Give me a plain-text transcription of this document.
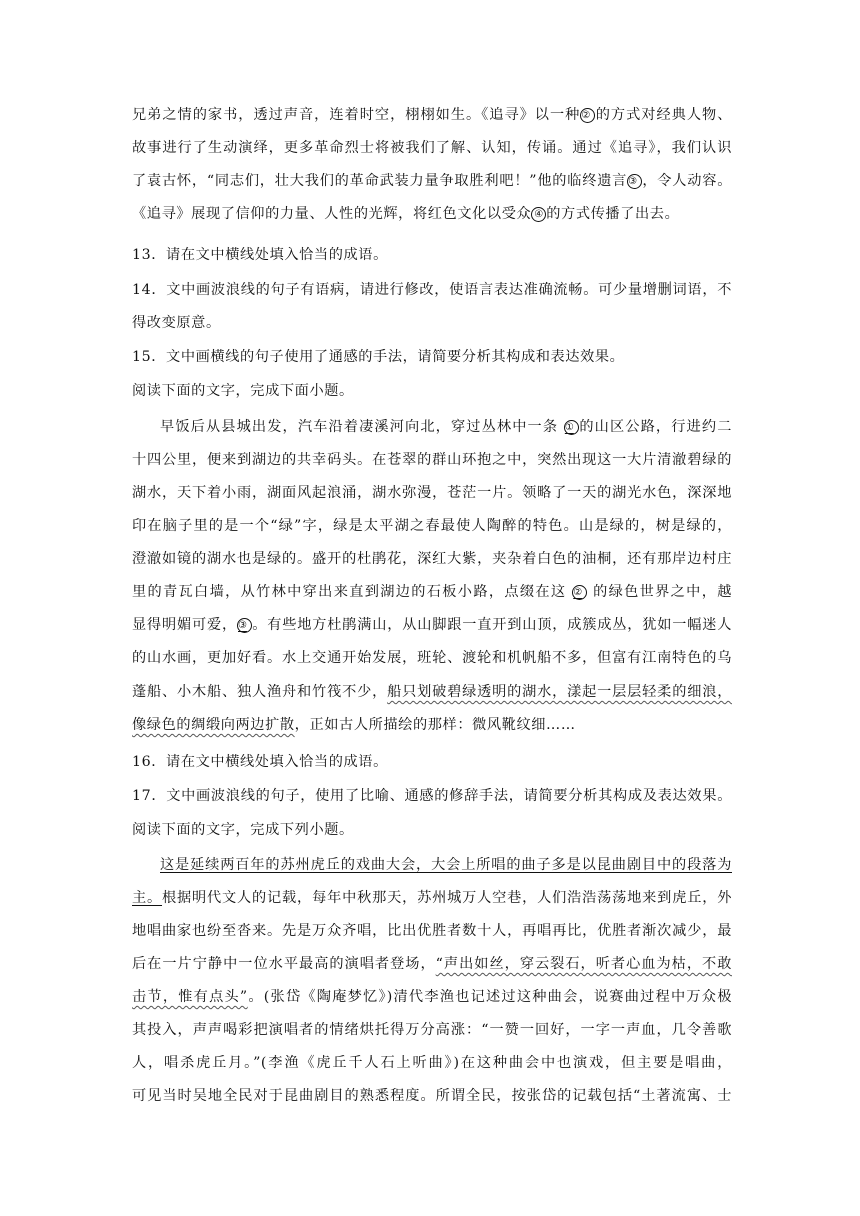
兄弟之情的家书，透过声音，连着时空，栩栩如生。《追寻》以一种② 的方式对经典人物、
故事进行了生动演绎，更多革命烈士将被我们了解、认知，传诵。通过《追寻》，我们认识
了袁古怀，“同志们，壮大我们的革命武装力量争取胜利吧！”他的临终遗言③ ，令人动容。
《追寻》展现了信仰的力量、人性的光辉，将红色文化以受众 ④ 的方式传播了出去。
13．请在文中横线处填入恰当的成语。
14．文中画波浪线的句子有语病，请进行修改，使语言表达准确流畅。可少量增删词语，不
得改变原意。
15．文中画横线的句子使用了通感的手法，请简要分析其构成和表达效果。
阅读下面的文字，完成下面小题。
早饭后从县城出发，汽车沿着凄溪河向北，穿过丛林中一条 ① 的山区公路，行进约二
十四公里，便来到湖边的共幸码头。在苍翠的群山环抱之中，突然出现这一大片清澈碧绿的
湖水，天下着小雨，湖面风起浪涌，湖水弥漫，苍茫一片。领略了一天的湖光水色，深深地
印在脑子里的是一个“绿”字，绿是太平湖之春最使人陶醉的特色。山是绿的，树是绿的，
澄澈如镜的湖水也是绿的。盛开的杜鹃花，深红大紫，夹杂着白色的油桐，还有那岸边村庄
里的青瓦白墙，从竹林中穿出来直到湖边的石板小路，点缀在这 ② 的绿色世界之中，越
显得明媚可爱，③ 。有些地方杜鹃满山，从山脚跟一直开到山顶，成簇成丛，犹如一幅迷人
的山水画，更加好看。水上交通开始发展，班轮、渡轮和机帆船不多，但富有江南特色的乌
蓬船、小木船、独人渔舟和竹筏不少，船只划破碧绿透明的湖水，漾起一层层轻柔的细浪，
像绿色的绸缎向两边扩散，正如古人所描绘的那样：微风靴纹细……
16．请在文中横线处填入恰当的成语。
17．文中画波浪线的句子，使用了比喻、通感的修辞手法，请简要分析其构成及表达效果。
阅读下面的文字，完成下列小题。
这是延续两百年的苏州虎丘的戏曲大会，大会上所唱的曲子多是以昆曲剧目中的段落为
主。根据明代文人的记载，每年中秋那天，苏州城万人空巷，人们浩浩荡荡地来到虎丘，外
地唱曲家也纷至沓来。先是万众齐唱，比出优胜者数十人，再唱再比，优胜者渐次减少，最
后在一片宁静中一位水平最高的演唱者登场，“声出如丝，穿云裂石，听者心血为枯，不敢
击节，惟有点头”。(张岱《陶庵梦忆》)清代李渔也记述过这种曲会，说赛曲过程中万众极
其投入，声声喝彩把演唱者的情绪烘托得万分高涨：“一赞一回好，一字一声血，几令善歌
人，唱杀虎丘月。”(李渔《虎丘千人石上听曲》)在这种曲会中也演戏，但主要是唱曲，
可见当时吴地全民对于昆曲剧目的熟悉程度。所谓全民，按张岱的记载包括“土著流寓、士
